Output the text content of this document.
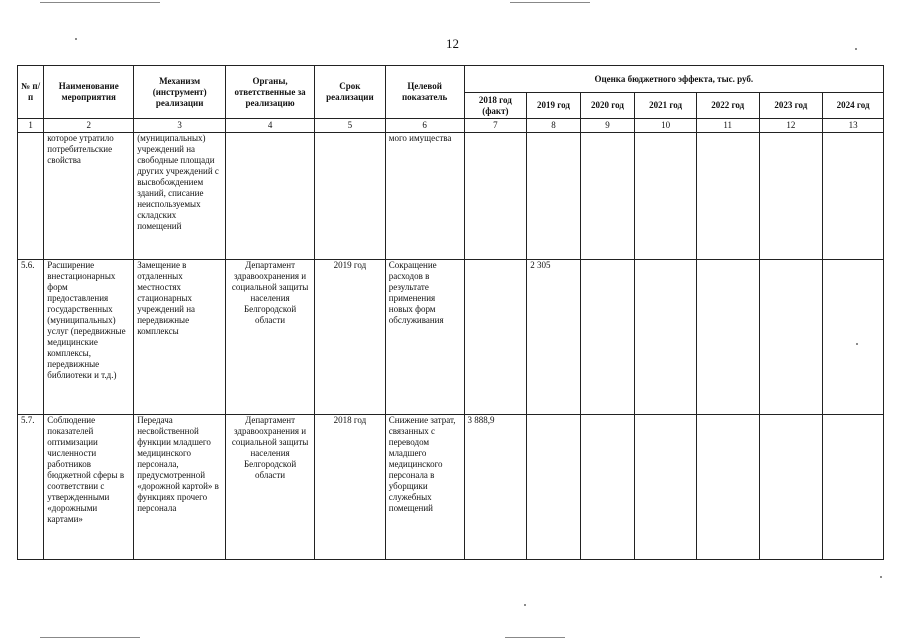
12
№ п/п	Наименование мероприятия	Механизм (инструмент) реализации	Органы, ответственные за реализацию	Срок реализации	Целевой показатель	Оценка бюджетного эффекта, тыс. руб.						
						2018 год (факт)	2019 год	2020 год	2021 год	2022 год	2023 год	2024 год
1	2	3	4	5	6	7	8	9	10	11	12	13
	которое утратило потребительские свойства	(муниципальных) учреждений на свободные площади других учреждений с высвобождением зданий, списание неиспользуемых складских помещений			мого имущества							
5.6.	Расширение внестационарных форм предоставления государственных (муниципальных) услуг (передвижные медицинские комплексы, передвижные библиотеки и т.д.)	Замещение в отдаленных местностях стационарных учреждений на передвижные комплексы	Департамент здравоохранения и социальной защиты населения Белгородской области	2019 год	Сокращение расходов в результате применения новых форм обслуживания		2 305					
5.7.	Соблюдение показателей оптимизации численности работников бюджетной сферы в соответствии с утвержденными «дорожными картами»	Передача несвойственной функции младшего медицинского персонала, предусмотренной «дорожной картой» в функциях прочего персонала	Департамент здравоохранения и социальной защиты населения Белгородской области	2018 год	Снижение затрат, связанных с переводом младшего медицинского персонала в уборщики служебных помещений	3 888,9						
